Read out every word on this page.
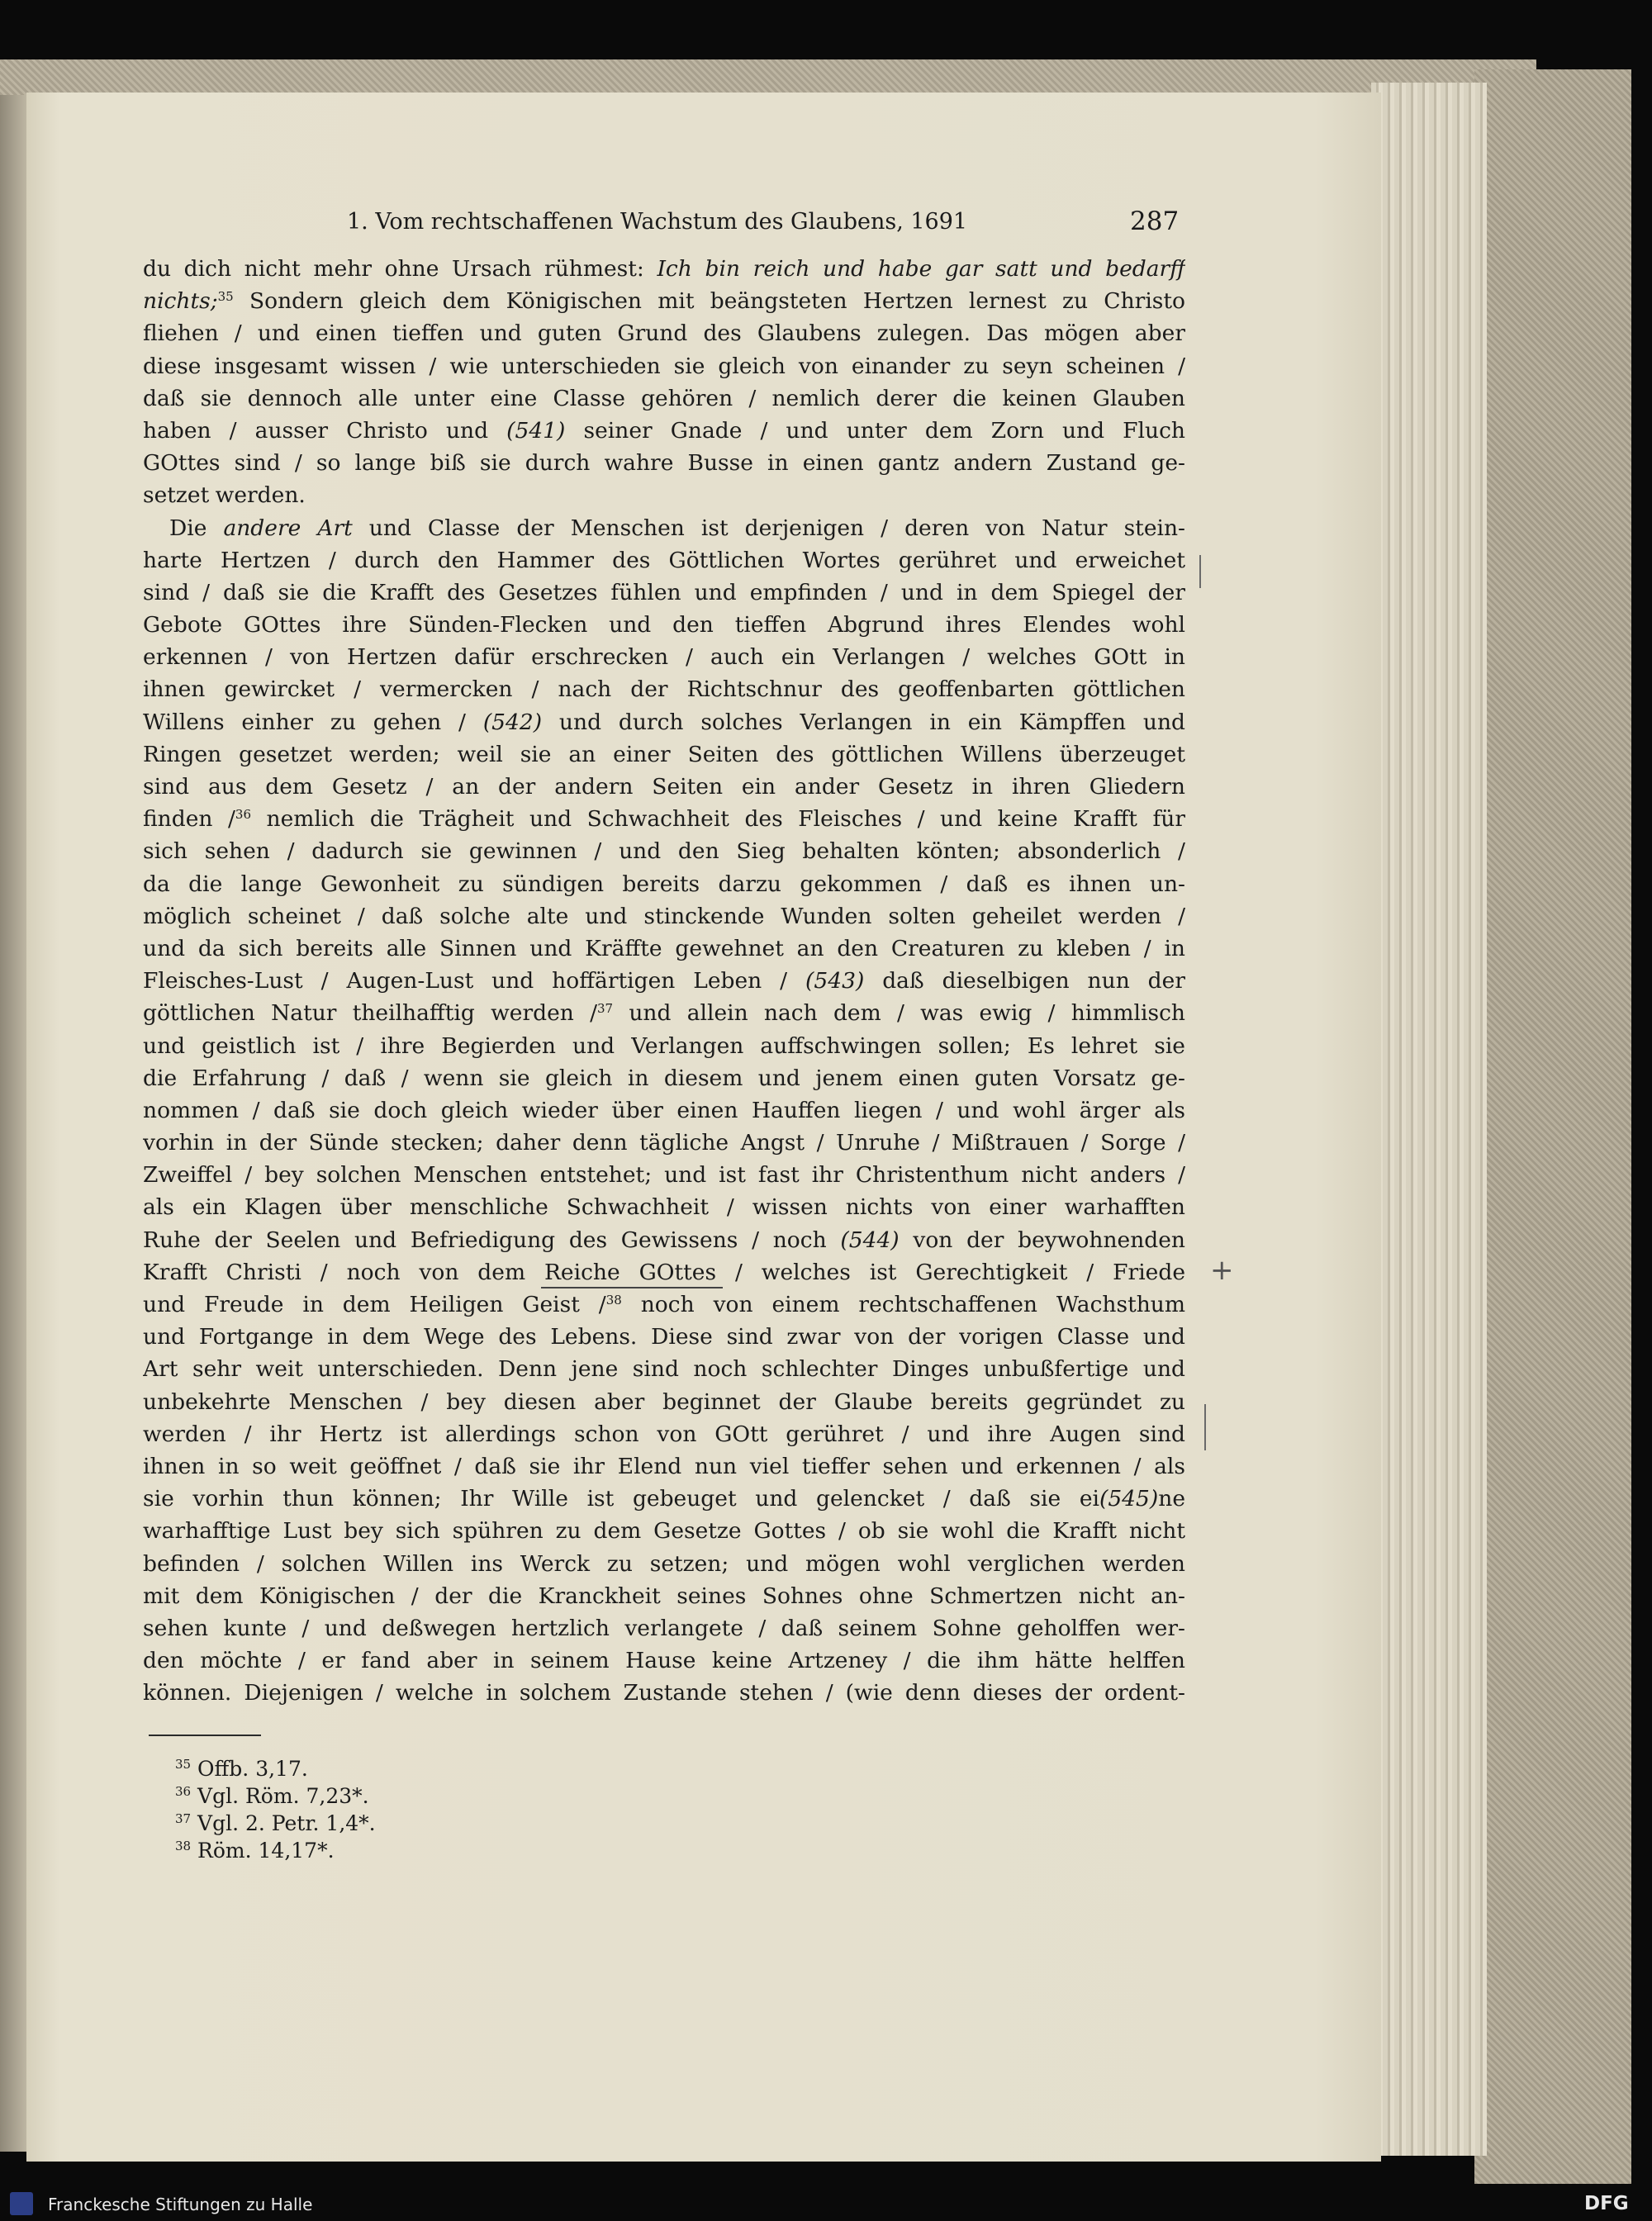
1. Vom rechtschaffenen Wachstum des Glaubens, 1691	287
du dich nicht mehr ohne Ursach rühmest: Ich bin reich und habe gar satt und bedarff
nichts;$^{35}$ Sondern gleich dem Königischen mit beängsteten Hertzen lernest zu Christo
fliehen / und einen tieffen und guten Grund des Glaubens zulegen. Das mögen aber
diese insgesamt wissen / wie unterschieden sie gleich von einander zu seyn scheinen /
daß sie dennoch alle unter eine Classe gehören / nemlich derer die keinen Glauben
haben / ausser Christo und (541) seiner Gnade / und unter dem Zorn und Fluch
GOttes sind / so lange biß sie durch wahre Busse in einen gantz andern Zustand ge-
setzet werden.
Die andere Art und Classe der Menschen ist derjenigen / deren von Natur stein-
harte Hertzen / durch den Hammer des Göttlichen Wortes gerühret und erweichet
sind / daß sie die Krafft des Gesetzes fühlen und empfinden / und in dem Spiegel der
Gebote GOttes ihre Sünden-Flecken und den tieffen Abgrund ihres Elendes wohl
erkennen / von Hertzen dafür erschrecken / auch ein Verlangen / welches GOtt in
ihnen gewircket / vermercken / nach der Richtschnur des geoffenbarten göttlichen
Willens einher zu gehen / (542) und durch solches Verlangen in ein Kämpffen und
Ringen gesetzet werden; weil sie an einer Seiten des göttlichen Willens überzeuget
sind aus dem Gesetz / an der andern Seiten ein ander Gesetz in ihren Gliedern
finden /$^{36}$ nemlich die Trägheit und Schwachheit des Fleisches / und keine Krafft für
sich sehen / dadurch sie gewinnen / und den Sieg behalten könten; absonderlich /
da die lange Gewonheit zu sündigen bereits darzu gekommen / daß es ihnen un-
möglich scheinet / daß solche alte und stinckende Wunden solten geheilet werden /
und da sich bereits alle Sinnen und Kräffte gewehnet an den Creaturen zu kleben / in
Fleisches-Lust / Augen-Lust und hoffärtigen Leben / (543) daß dieselbigen nun der
göttlichen Natur theilhafftig werden /$^{37}$ und allein nach dem / was ewig / himmlisch
und geistlich ist / ihre Begierden und Verlangen auffschwingen sollen; Es lehret sie
die Erfahrung / daß / wenn sie gleich in diesem und jenem einen guten Vorsatz ge-
nommen / daß sie doch gleich wieder über einen Hauffen liegen / und wohl ärger als
vorhin in der Sünde stecken; daher denn tägliche Angst / Unruhe / Mißtrauen / Sorge /
Zweiffel / bey solchen Menschen entstehet; und ist fast ihr Christenthum nicht anders /
als ein Klagen über menschliche Schwachheit / wissen nichts von einer warhafften
Ruhe der Seelen und Befriedigung des Gewissens / noch (544) von der beywohnenden
Krafft Christi / noch von dem Reiche GOttes / welches ist Gerechtigkeit / Friede
und Freude in dem Heiligen Geist /$^{38}$ noch von einem rechtschaffenen Wachsthum
und Fortgange in dem Wege des Lebens. Diese sind zwar von der vorigen Classe und
Art sehr weit unterschieden. Denn jene sind noch schlechter Dinges unbußfertige und
unbekehrte Menschen / bey diesen aber beginnet der Glaube bereits gegründet zu
werden / ihr Hertz ist allerdings schon von GOtt gerühret / und ihre Augen sind
ihnen in so weit geöffnet / daß sie ihr Elend nun viel tieffer sehen und erkennen / als
sie vorhin thun können; Ihr Wille ist gebeuget und gelencket / daß sie ei(545)ne
warhafftige Lust bey sich spühren zu dem Gesetze Gottes / ob sie wohl die Krafft nicht
befinden / solchen Willen ins Werck zu setzen; und mögen wohl verglichen werden
mit dem Königischen / der die Kranckheit seines Sohnes ohne Schmertzen nicht an-
sehen kunte / und deßwegen hertzlich verlangete / daß seinem Sohne geholffen wer-
den möchte / er fand aber in seinem Hause keine Artzeney / die ihm hätte helffen
können. Diejenigen / welche in solchem Zustande stehen / (wie denn dieses der ordent-
+
$^{35}$ Offb. 3,17.
$^{36}$ Vgl. Röm. 7,23*.
$^{37}$ Vgl. 2. Petr. 1,4*.
$^{38}$ Röm. 14,17*.
Franckesche Stiftungen zu Halle	DFG
